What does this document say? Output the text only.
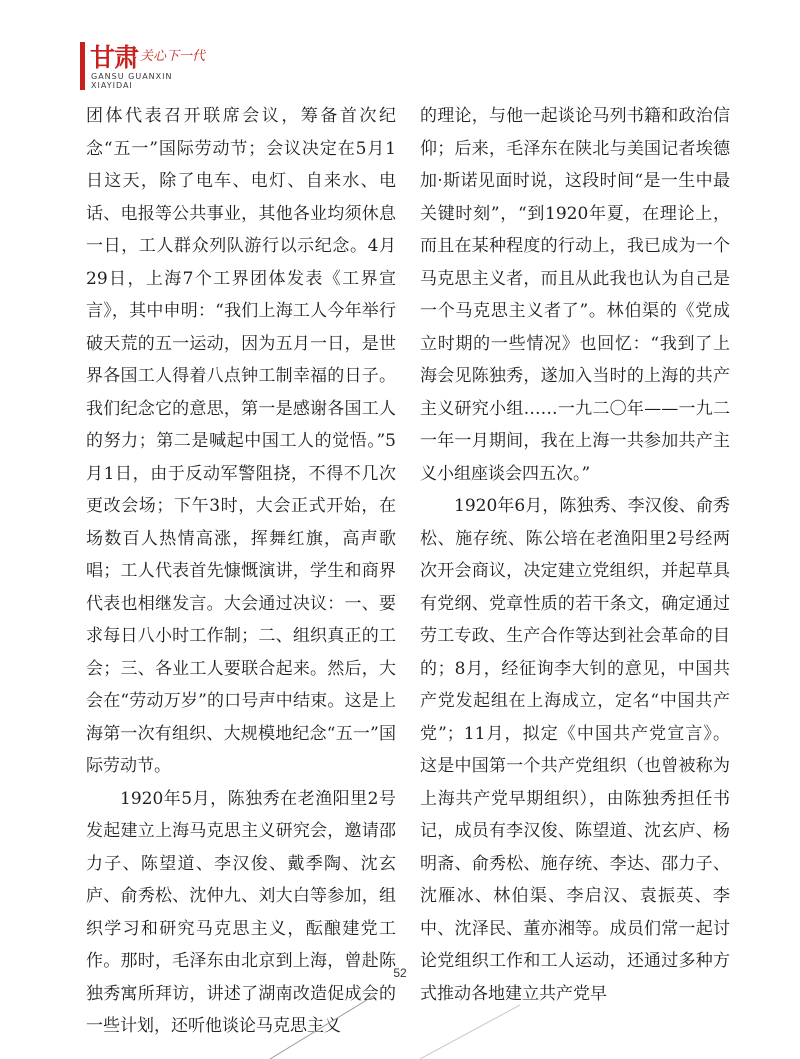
甘肃 关心下一代
GANSU GUANXIN
XIAYIDAI

团体代表召开联席会议，筹备首次纪念“五一”国际劳动节；会议决定在5月1日这天，除了电车、电灯、自来水、电话、电报等公共事业，其他各业均须休息一日，工人群众列队游行以示纪念。4月29日，上海7个工界团体发表《工界宣言》，其中申明：“我们上海工人今年举行破天荒的五一运动，因为五月一日，是世界各国工人得着八点钟工制幸福的日子。我们纪念它的意思，第一是感谢各国工人的努力；第二是喊起中国工人的觉悟。”5月1日，由于反动军警阻挠，不得不几次更改会场；下午3时，大会正式开始，在场数百人热情高涨，挥舞红旗，高声歌唱；工人代表首先慷慨演讲，学生和商界代表也相继发言。大会通过决议：一、要求每日八小时工作制；二、组织真正的工会；三、各业工人要联合起来。然后，大会在“劳动万岁”的口号声中结束。这是上海第一次有组织、大规模地纪念“五一”国际劳动节。

1920年5月，陈独秀在老渔阳里2号发起建立上海马克思主义研究会，邀请邵力子、陈望道、李汉俊、戴季陶、沈玄庐、俞秀松、沈仲九、刘大白等参加，组织学习和研究马克思主义，酝酿建党工作。那时，毛泽东由北京到上海，曾赴陈独秀寓所拜访，讲述了湖南改造促成会的一些计划，还听他谈论马克思主义

的理论，与他一起谈论马列书籍和政治信仰；后来，毛泽东在陕北与美国记者埃德加·斯诺见面时说，这段时间“是一生中最关键时刻”，“到1920年夏，在理论上，而且在某种程度的行动上，我已成为一个马克思主义者，而且从此我也认为自己是一个马克思主义者了”。林伯渠的《党成立时期的一些情况》也回忆：“我到了上海会见陈独秀，遂加入当时的上海的共产主义研究小组……一九二〇年——一九二一年一月期间，我在上海一共参加共产主义小组座谈会四五次。”

1920年6月，陈独秀、李汉俊、俞秀松、施存统、陈公培在老渔阳里2号经两次开会商议，决定建立党组织，并起草具有党纲、党章性质的若干条文，确定通过劳工专政、生产合作等达到社会革命的目的；8月，经征询李大钊的意见，中国共产党发起组在上海成立，定名“中国共产党”；11月，拟定《中国共产党宣言》。这是中国第一个共产党组织（也曾被称为上海共产党早期组织），由陈独秀担任书记，成员有李汉俊、陈望道、沈玄庐、杨明斋、俞秀松、施存统、李达、邵力子、沈雁冰、林伯渠、李启汉、袁振英、李中、沈泽民、董亦湘等。成员们常一起讨论党组织工作和工人运动，还通过多种方式推动各地建立共产党早

52
